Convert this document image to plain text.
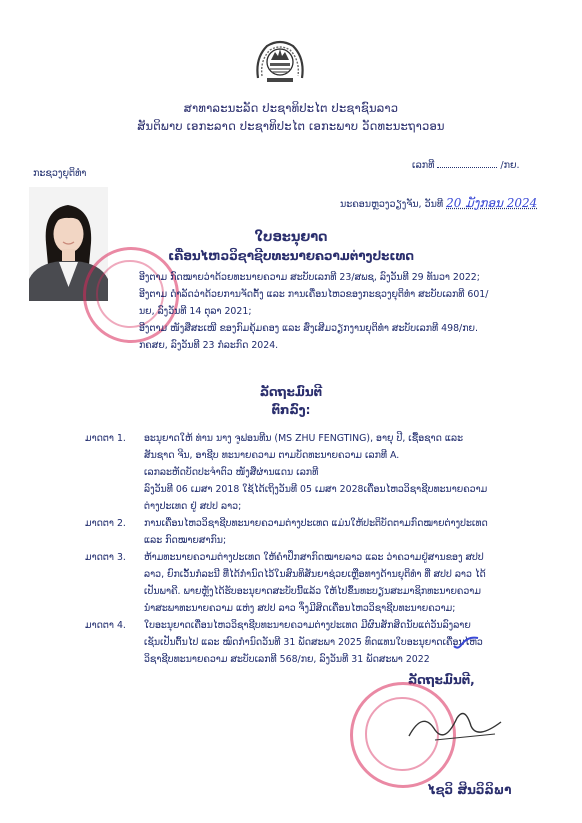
ສາທາລະນະລັດ ປະຊາທິປະໄຕ ປະຊາຊົນລາວ
ສັນຕິພາບ ເອກະລາດ ປະຊາທິປະໄຕ ເອກະພາບ ວັດທະນະຖາວອນ
ກະຊວງຍຸຕິທຳ
ເລກທີ	/ກຍ.
ນະຄອນຫຼວງວຽງຈັນ, ວັນທີ 20 ມັງກອນ 2024
ໃບອະນຸຍາດ
ເຄື່ອນໄຫວວິຊາຊີບທະນາຍຄວາມຕ່າງປະເທດ
ອີງຕາມ ກົດໝາຍວ່າດ້ວຍທະນາຍຄວາມ ສະບັບເລກທີ 23/ສພຊ, ລົງວັນທີ 29 ທັນວາ 2022;
ອີງຕາມ ດຳລັດວ່າດ້ວຍການຈັດຕັ້ງ ແລະ ການເຄື່ອນໄຫວຂອງກະຊວງຍຸຕິທຳ ສະບັບເລກທີ 601/
ນຍ, ລົງວັນທີ 14 ຕຸລາ 2021;
ອີງຕາມ ໜັງສືສະເໜີ ຂອງກົມຄຸ້ມຄອງ ແລະ ສົ່ງເສີມວຽກງານຍຸຕິທຳ ສະບັບເລກທີ 498/ກຍ.
ກຄສຍ, ລົງວັນທີ 23 ກໍລະກົດ 2024.
ລັດຖະມົນຕີ
ຕົກລົງ:
ມາດຕາ 1.	ອະນຸຍາດໃຫ້ ທ່ານ ນາງ ຈູຟອນທີນ (MS ZHU FENGTING), ອາຍຸ ປີ, ເຊື້ອຊາດ ແລະ
ສັນຊາດ ຈີນ, ອາຊີບ ທະນາຍຄວາມ ຕາມບັດທະນາຍຄວາມ ເລກທີ A.
ເລກລະຫັດບັດປະຈຳຕົວ ໜັງສືຜ່ານແດນ ເລກທີ
ລົງວັນທີ 06 ເມສາ 2018 ໃຊ້ໄດ້ເຖິງວັນທີ 05 ເມສາ 2028ເຄື່ອນໄຫວວິຊາຊີບທະນາຍຄວາມ
ຕ່າງປະເທດ ຢູ່ ສປປ ລາວ;
ມາດຕາ 2.	ການເຄື່ອນໄຫວວິຊາຊີບທະນາຍຄວາມຕ່າງປະເທດ ແມ່ນໃຫ້ປະຕິບັດຕາມກົດໝາຍຕ່າງປະເທດ
ແລະ ກົດໝາຍສາກົນ;
ມາດຕາ 3.	ຫ້າມທະນາຍຄວາມຕ່າງປະເທດ ໃຫ້ຄຳປຶກສາກົດໝາຍລາວ ແລະ ວ່າຄວາມຢູ່ສານຂອງ ສປປ
ລາວ, ຍົກເວັ້ນກໍລະນີ ທີ່ໄດ້ກຳນົດໄວ້ໃນສົນທິສັນຍາຊ່ວຍເຫຼືອທາງດ້ານຍຸຕິທຳ ທີ່ ສປປ ລາວ ໄດ້
ເປັນພາຄີ. ພາຍຫຼັງໄດ້ຮັບອະນຸຍາດສະບັບນີ້ແລ້ວ ໃຫ້ໄປຂຶ້ນທະບຽນສະມາຊິກທະນາຍຄວາມ
ນຳສະພາທະນາຍຄວາມ ແຫ່ງ ສປປ ລາວ ຈຶ່ງມີສິດເຄື່ອນໄຫວວິຊາຊີບທະນາຍຄວາມ;
ມາດຕາ 4.	ໃບອະນຸຍາດເຄື່ອນໄຫວວິຊາຊີບທະນາຍຄວາມຕ່າງປະເທດ ມີຜົນສັກສິດນັບແຕ່ວັນລົງລາຍ
ເຊັນເປັນຕົ້ນໄປ ແລະ ໝົດກຳນົດວັນທີ 31 ພັດສະພາ 2025 ທົດແທນໃບອະນຸຍາດເຄື່ອນໄຫວ
ວິຊາຊີບທະນາຍຄວາມ ສະບັບເລກທີ 568/ກຍ, ລົງວັນທີ 31 ພັດສະພາ 2022
ລັດຖະມົນຕີ,
ໄຊວິ ສິນວິລິພາ
